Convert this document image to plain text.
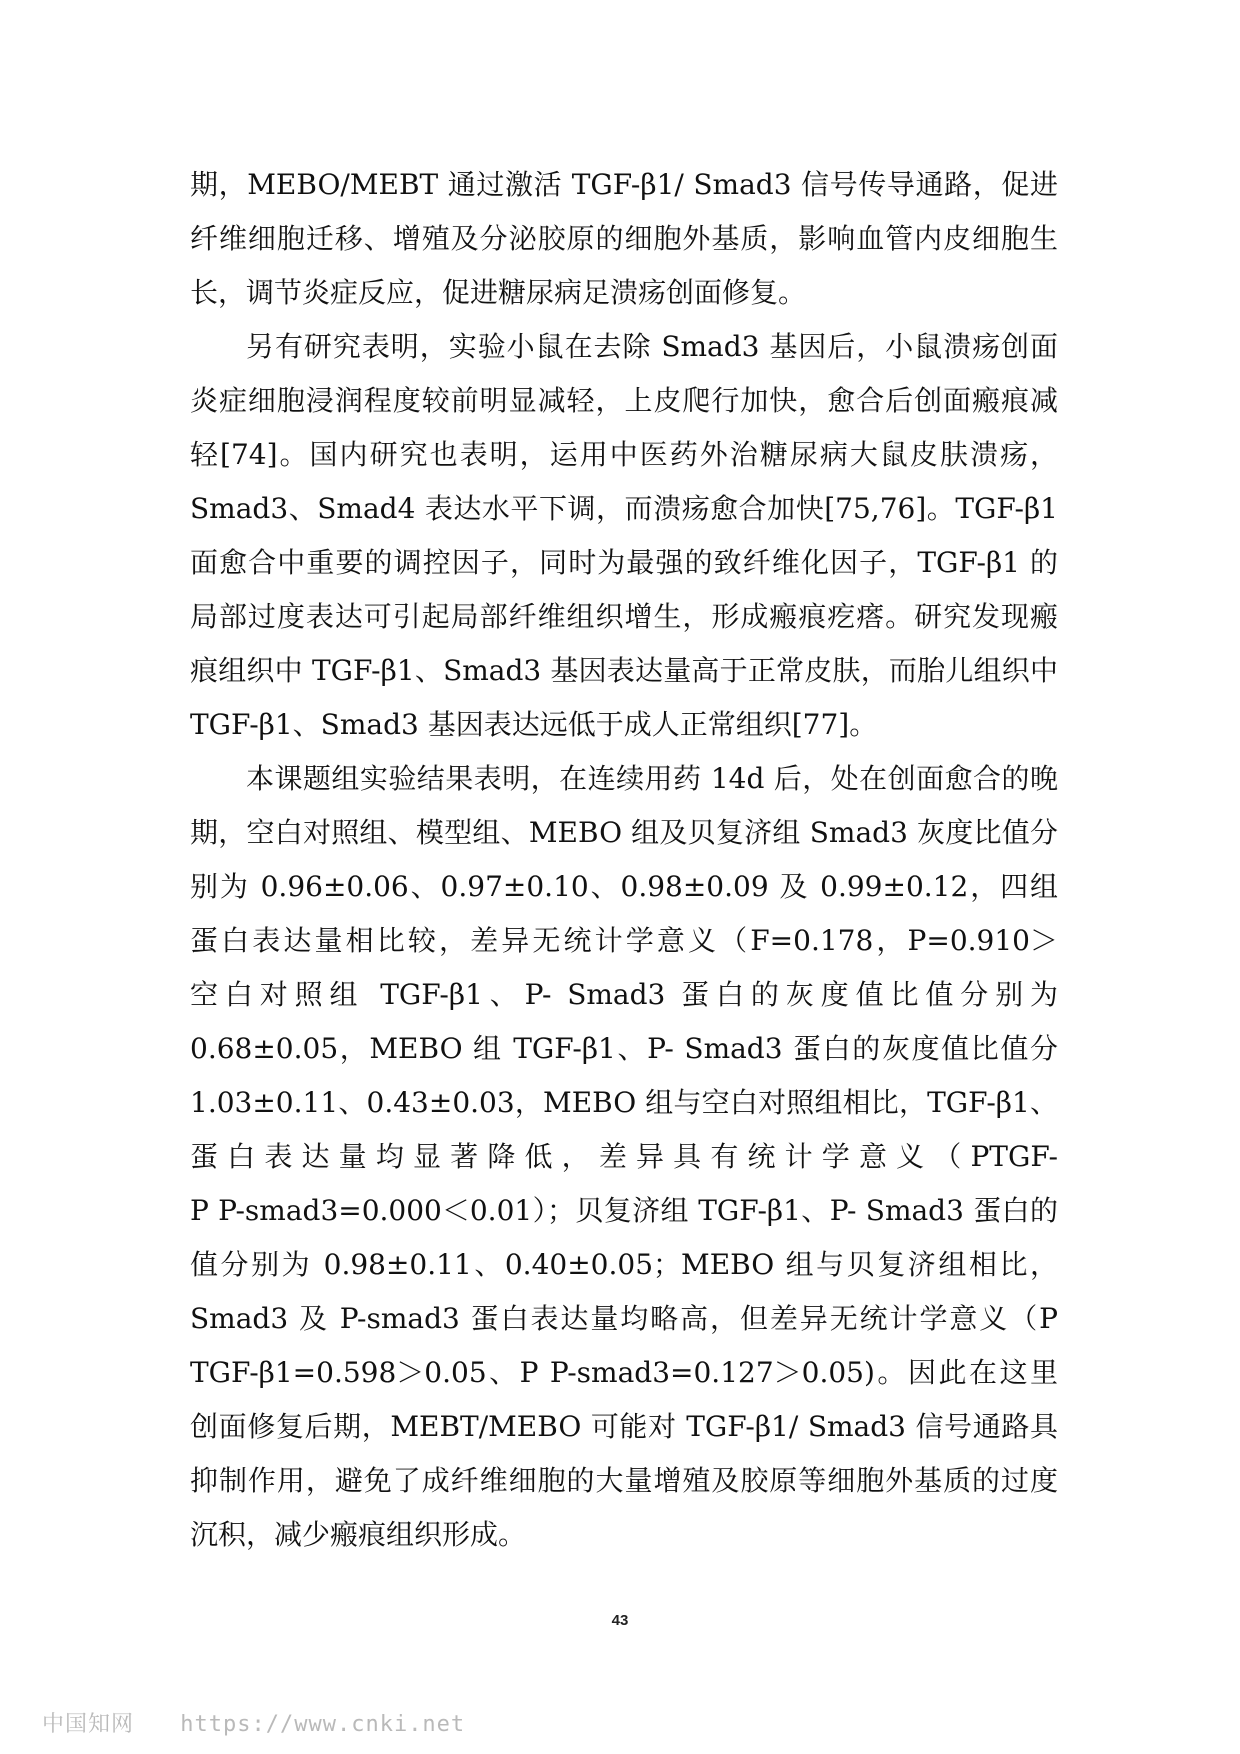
期，MEBO/MEBT 通过激活 TGF-β1/ Smad3 信号传导通路，促进
纤维细胞迁移、增殖及分泌胶原的细胞外基质，影响血管内皮细胞生
长，调节炎症反应，促进糖尿病足溃疡创面修复。
另有研究表明，实验小鼠在去除 Smad3 基因后，小鼠溃疡创面
炎症细胞浸润程度较前明显减轻，上皮爬行加快，愈合后创面瘢痕减
轻[74]。国内研究也表明，运用中医药外治糖尿病大鼠皮肤溃疡，
Smad3、Smad4 表达水平下调，而溃疡愈合加快[75,76]。TGF-β1
面愈合中重要的调控因子，同时为最强的致纤维化因子，TGF-β1 的
局部过度表达可引起局部纤维组织增生，形成瘢痕疙瘩。研究发现瘢
痕组织中 TGF-β1、Smad3 基因表达量高于正常皮肤，而胎儿组织中
TGF-β1、Smad3 基因表达远低于成人正常组织[77]。
本课题组实验结果表明，在连续用药 14d 后，处在创面愈合的晚
期，空白对照组、模型组、MEBO 组及贝复济组 Smad3 灰度比值分
别为 0.96±0.06、0.97±0.10、0.98±0.09 及 0.99±0.12，四组
蛋白表达量相比较，差异无统计学意义（F=0.178，P=0.910＞
空白对照组 TGF-β1、P- Smad3 蛋白的灰度值比值分别为
0.68±0.05，MEBO 组 TGF-β1、P- Smad3 蛋白的灰度值比值分
1.03±0.11、0.43±0.03，MEBO 组与空白对照组相比，TGF-β1、
蛋白表达量均显著降低，差异具有统计学意义（PTGF-
P P-smad3=0.000＜0.01）；贝复济组 TGF-β1、P- Smad3 蛋白的
值分别为 0.98±0.11、0.40±0.05；MEBO 组与贝复济组相比，
Smad3 及 P-smad3 蛋白表达量均略高，但差异无统计学意义（P
TGF-β1=0.598＞0.05、P P-smad3=0.127＞0.05)。因此在这里
创面修复后期，MEBT/MEBO 可能对 TGF-β1/ Smad3 信号通路具
抑制作用，避免了成纤维细胞的大量增殖及胶原等细胞外基质的过度
沉积，减少瘢痕组织形成。
43
中国知网 https://www.cnki.net
